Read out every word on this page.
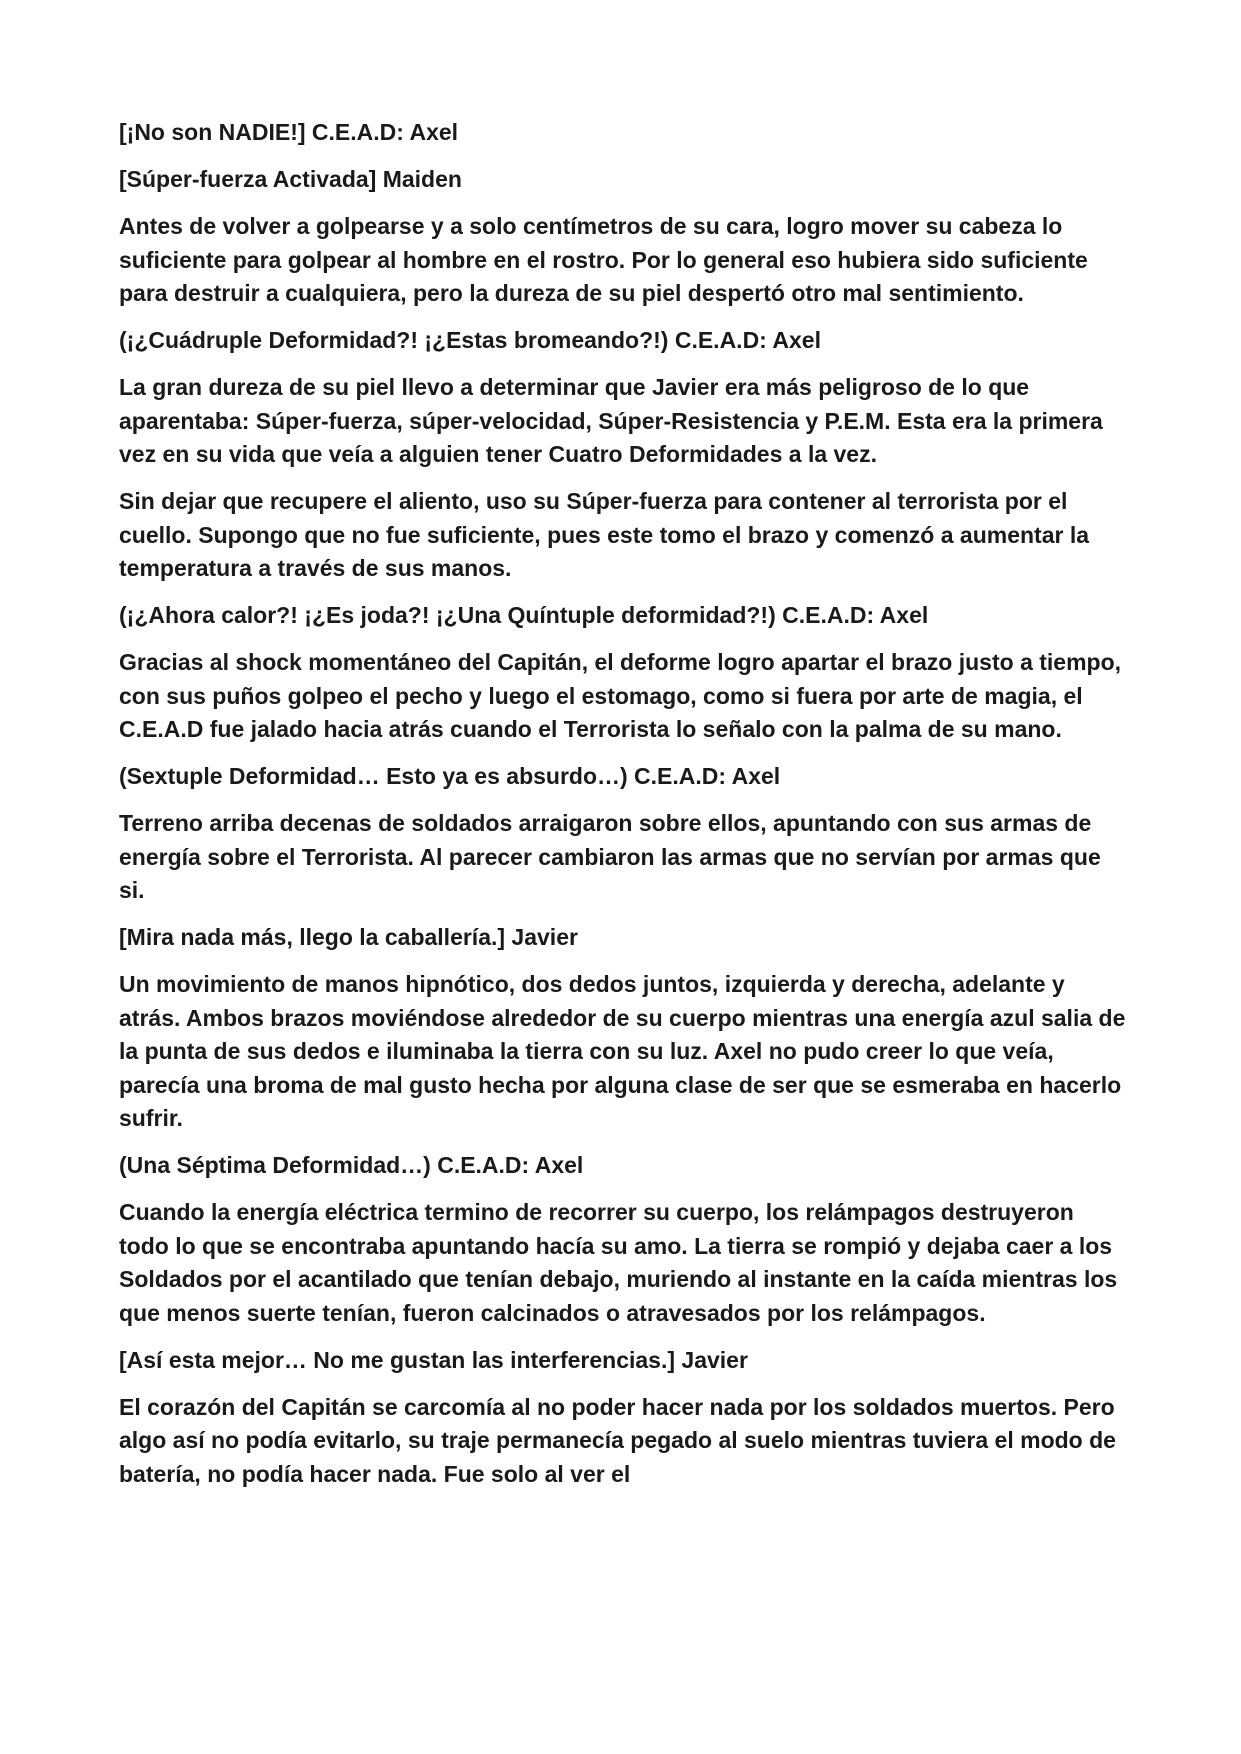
[¡No son NADIE!] C.E.A.D: Axel

[Súper-fuerza Activada] Maiden

Antes de volver a golpearse y a solo centímetros de su cara, logro mover su cabeza lo suficiente para golpear al hombre en el rostro. Por lo general eso hubiera sido suficiente para destruir a cualquiera, pero la dureza de su piel despertó otro mal sentimiento.

(¡¿Cuádruple Deformidad?! ¡¿Estas bromeando?!) C.E.A.D: Axel

La gran dureza de su piel llevo a determinar que Javier era más peligroso de lo que aparentaba: Súper-fuerza, súper-velocidad, Súper-Resistencia y P.E.M. Esta era la primera vez en su vida que veía a alguien tener Cuatro Deformidades a la vez.

Sin dejar que recupere el aliento, uso su Súper-fuerza para contener al terrorista por el cuello. Supongo que no fue suficiente, pues este tomo el brazo y comenzó a aumentar la temperatura a través de sus manos.

(¡¿Ahora calor?! ¡¿Es joda?! ¡¿Una Quíntuple deformidad?!) C.E.A.D: Axel

Gracias al shock momentáneo del Capitán, el deforme logro apartar el brazo justo a tiempo, con sus puños golpeo el pecho y luego el estomago, como si fuera por arte de magia, el C.E.A.D fue jalado hacia atrás cuando el Terrorista lo señalo con la palma de su mano.

(Sextuple Deformidad… Esto ya es absurdo…) C.E.A.D: Axel

Terreno arriba decenas de soldados arraigaron sobre ellos, apuntando con sus armas de energía sobre el Terrorista. Al parecer cambiaron las armas que no servían por armas que si.

[Mira nada más, llego la caballería.] Javier

Un movimiento de manos hipnótico, dos dedos juntos, izquierda y derecha, adelante y atrás. Ambos brazos moviéndose alrededor de su cuerpo mientras una energía azul salia de la punta de sus dedos e iluminaba la tierra con su luz. Axel no pudo creer lo que veía, parecía una broma de mal gusto hecha por alguna clase de ser que se esmeraba en hacerlo sufrir.

(Una Séptima Deformidad…) C.E.A.D: Axel

Cuando la energía eléctrica termino de recorrer su cuerpo, los relámpagos destruyeron todo lo que se encontraba apuntando hacía su amo. La tierra se rompió y dejaba caer a los Soldados por el acantilado que tenían debajo, muriendo al instante en la caída mientras los que menos suerte tenían, fueron calcinados o atravesados por los relámpagos.

[Así esta mejor… No me gustan las interferencias.] Javier

El corazón del Capitán se carcomía al no poder hacer nada por los soldados muertos. Pero algo así no podía evitarlo, su traje permanecía pegado al suelo mientras tuviera el modo de batería, no podía hacer nada. Fue solo al ver el
